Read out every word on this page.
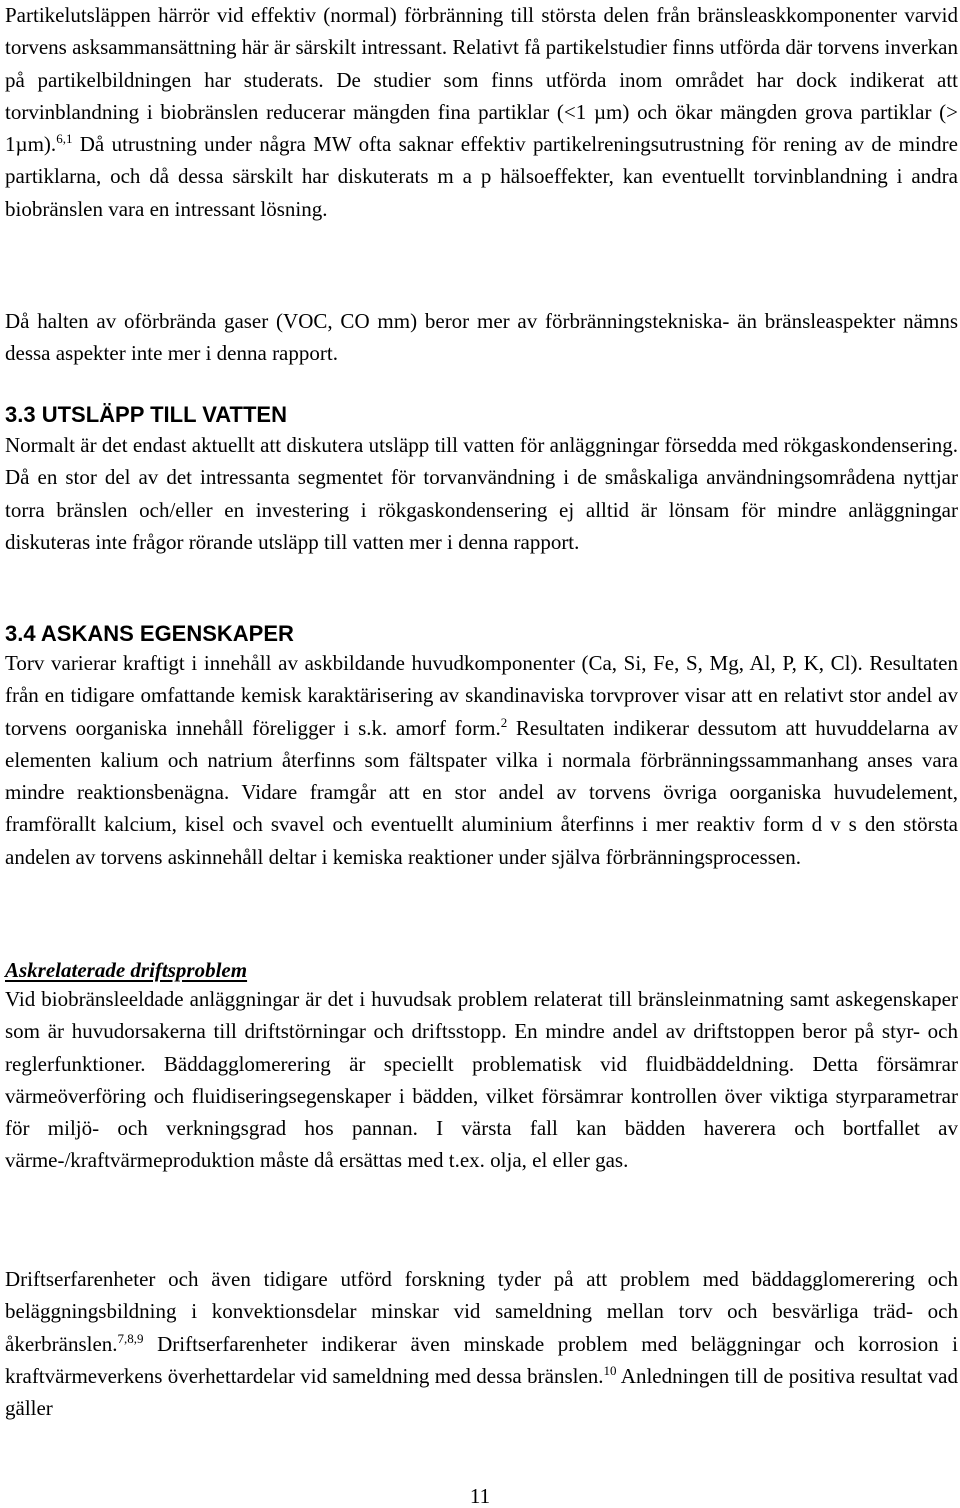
Partikelutsläppen härrör vid effektiv (normal) förbränning till största delen från bränsleaskkomponenter varvid torvens asksammansättning här är särskilt intressant. Relativt få partikelstudier finns utförda där torvens inverkan på partikelbildningen har studerats. De studier som finns utförda inom området har dock indikerat att torvinblandning i biobränslen reducerar mängden fina partiklar (<1 µm) och ökar mängden grova partiklar (> 1µm).$^{6,1}$ Då utrustning under några MW ofta saknar effektiv partikelreningsutrustning för rening av de mindre partiklarna, och då dessa särskilt har diskuterats m a p hälsoeffekter, kan eventuellt torvinblandning i andra biobränslen vara en intressant lösning.

Då halten av oförbrända gaser (VOC, CO mm) beror mer av förbränningstekniska- än bränsleaspekter nämns dessa aspekter inte mer i denna rapport.

3.3 UTSLÄPP TILL VATTEN

Normalt är det endast aktuellt att diskutera utsläpp till vatten för anläggningar försedda med rökgaskondensering. Då en stor del av det intressanta segmentet för torvanvändning i de småskaliga användningsområdena nyttjar torra bränslen och/eller en investering i rökgaskondensering ej alltid är lönsam för mindre anläggningar diskuteras inte frågor rörande utsläpp till vatten mer i denna rapport.

3.4 ASKANS EGENSKAPER

Torv varierar kraftigt i innehåll av askbildande huvudkomponenter (Ca, Si, Fe, S, Mg, Al, P, K, Cl). Resultaten från en tidigare omfattande kemisk karaktärisering av skandinaviska torvprover visar att en relativt stor andel av torvens oorganiska innehåll föreligger i s.k. amorf form.$^2$ Resultaten indikerar dessutom att huvuddelarna av elementen kalium och natrium återfinns som fältspater vilka i normala förbränningssammanhang anses vara mindre reaktionsbenägna. Vidare framgår att en stor andel av torvens övriga oorganiska huvudelement, framförallt kalcium, kisel och svavel och eventuellt aluminium återfinns i mer reaktiv form d v s den största andelen av torvens askinnehåll deltar i kemiska reaktioner under själva förbränningsprocessen.

Askrelaterade driftsproblem

Vid biobränsleeldade anläggningar är det i huvudsak problem relaterat till bränsleinmatning samt askegenskaper som är huvudorsakerna till driftstörningar och driftsstopp. En mindre andel av driftstoppen beror på styr- och reglerfunktioner. Bäddagglomerering är speciellt problematisk vid fluidbäddeldning. Detta försämrar värmeöverföring och fluidiseringsegenskaper i bädden, vilket försämrar kontrollen över viktiga styrparametrar för miljö- och verkningsgrad hos pannan. I värsta fall kan bädden haverera och bortfallet av värme-/kraftvärmeproduktion måste då ersättas med t.ex. olja, el eller gas.

Driftserfarenheter och även tidigare utförd forskning tyder på att problem med bäddagglomerering och beläggningsbildning i konvektionsdelar minskar vid sameldning mellan torv och besvärliga träd- och åkerbränslen.$^{7,8,9}$ Driftserfarenheter indikerar även minskade problem med beläggningar och korrosion i kraftvärmeverkens överhettardelar vid sameldning med dessa bränslen.$^{10}$ Anledningen till de positiva resultat vad gäller

11
